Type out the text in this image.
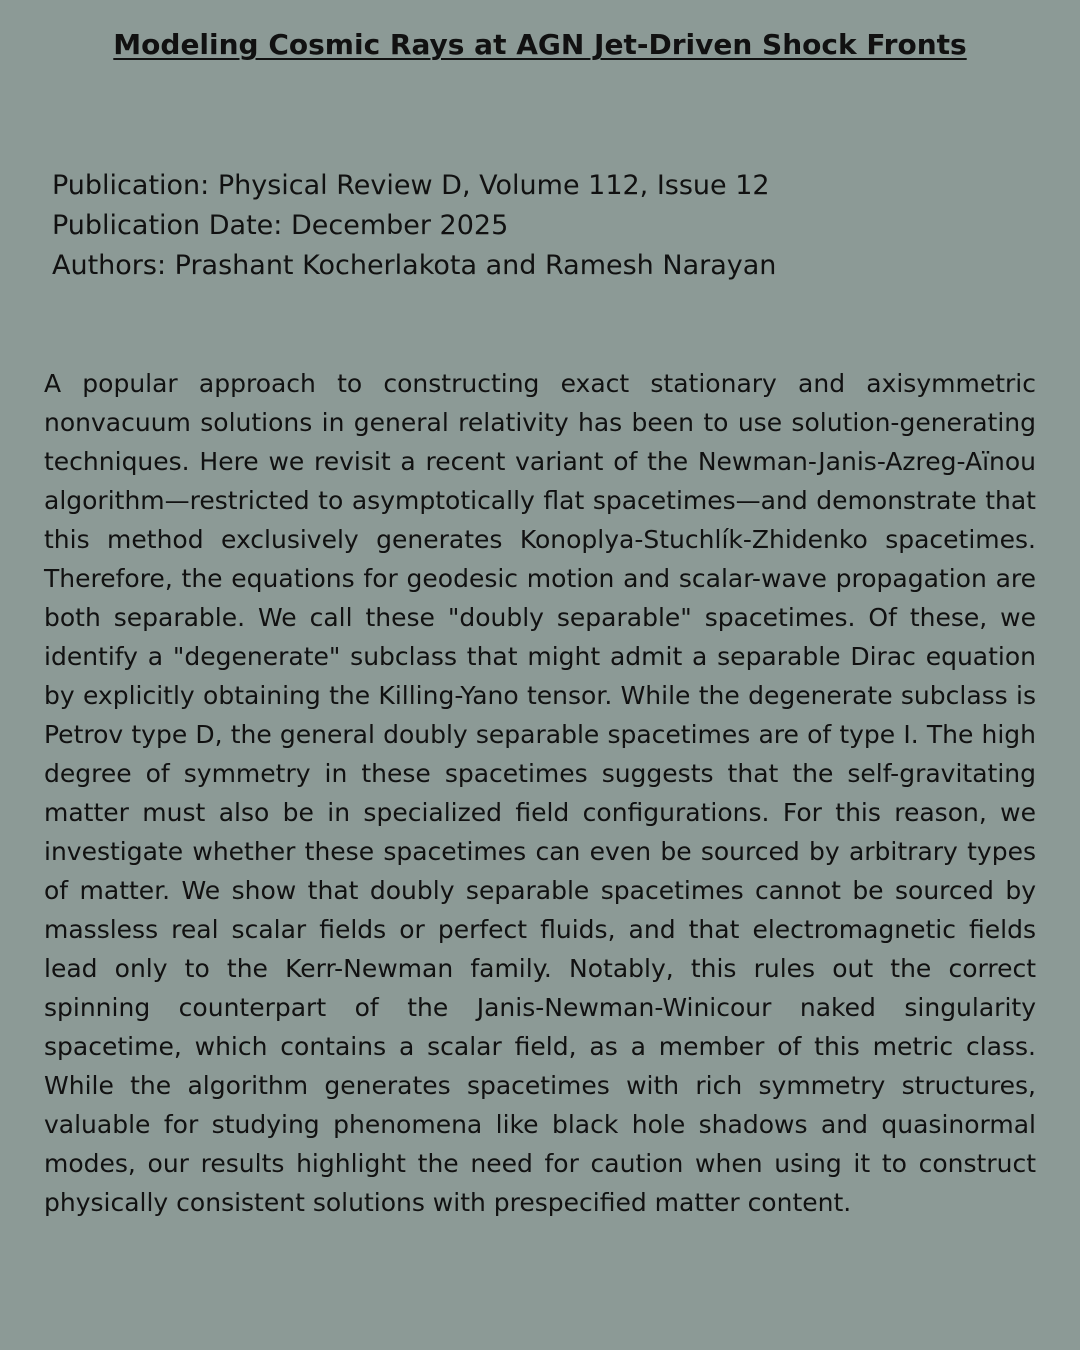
Modeling Cosmic Rays at AGN Jet-Driven Shock Fronts
Publication: Physical Review D, Volume 112, Issue 12
Publication Date: December 2025
Authors: Prashant Kocherlakota and Ramesh Narayan

A popular approach to constructing exact stationary and axisymmetric nonvacuum solutions in general relativity has been to use solution-generating techniques. Here we revisit a recent variant of the Newman-Janis-Azreg-Aïnou algorithm—restricted to asymptotically flat spacetimes—and demonstrate that this method exclusively generates Konoplya-Stuchlík-Zhidenko spacetimes. Therefore, the equations for geodesic motion and scalar-wave propagation are both separable. We call these "doubly separable" spacetimes. Of these, we identify a "degenerate" subclass that might admit a separable Dirac equation by explicitly obtaining the Killing-Yano tensor. While the degenerate subclass is Petrov type D, the general doubly separable spacetimes are of type I. The high degree of symmetry in these spacetimes suggests that the self-gravitating matter must also be in specialized field configurations. For this reason, we investigate whether these spacetimes can even be sourced by arbitrary types of matter. We show that doubly separable spacetimes cannot be sourced by massless real scalar fields or perfect fluids, and that electromagnetic fields lead only to the Kerr-Newman family. Notably, this rules out the correct spinning counterpart of the Janis-Newman-Winicour naked singularity spacetime, which contains a scalar field, as a member of this metric class. While the algorithm generates spacetimes with rich symmetry structures, valuable for studying phenomena like black hole shadows and quasinormal modes, our results highlight the need for caution when using it to construct physically consistent solutions with prespecified matter content.
